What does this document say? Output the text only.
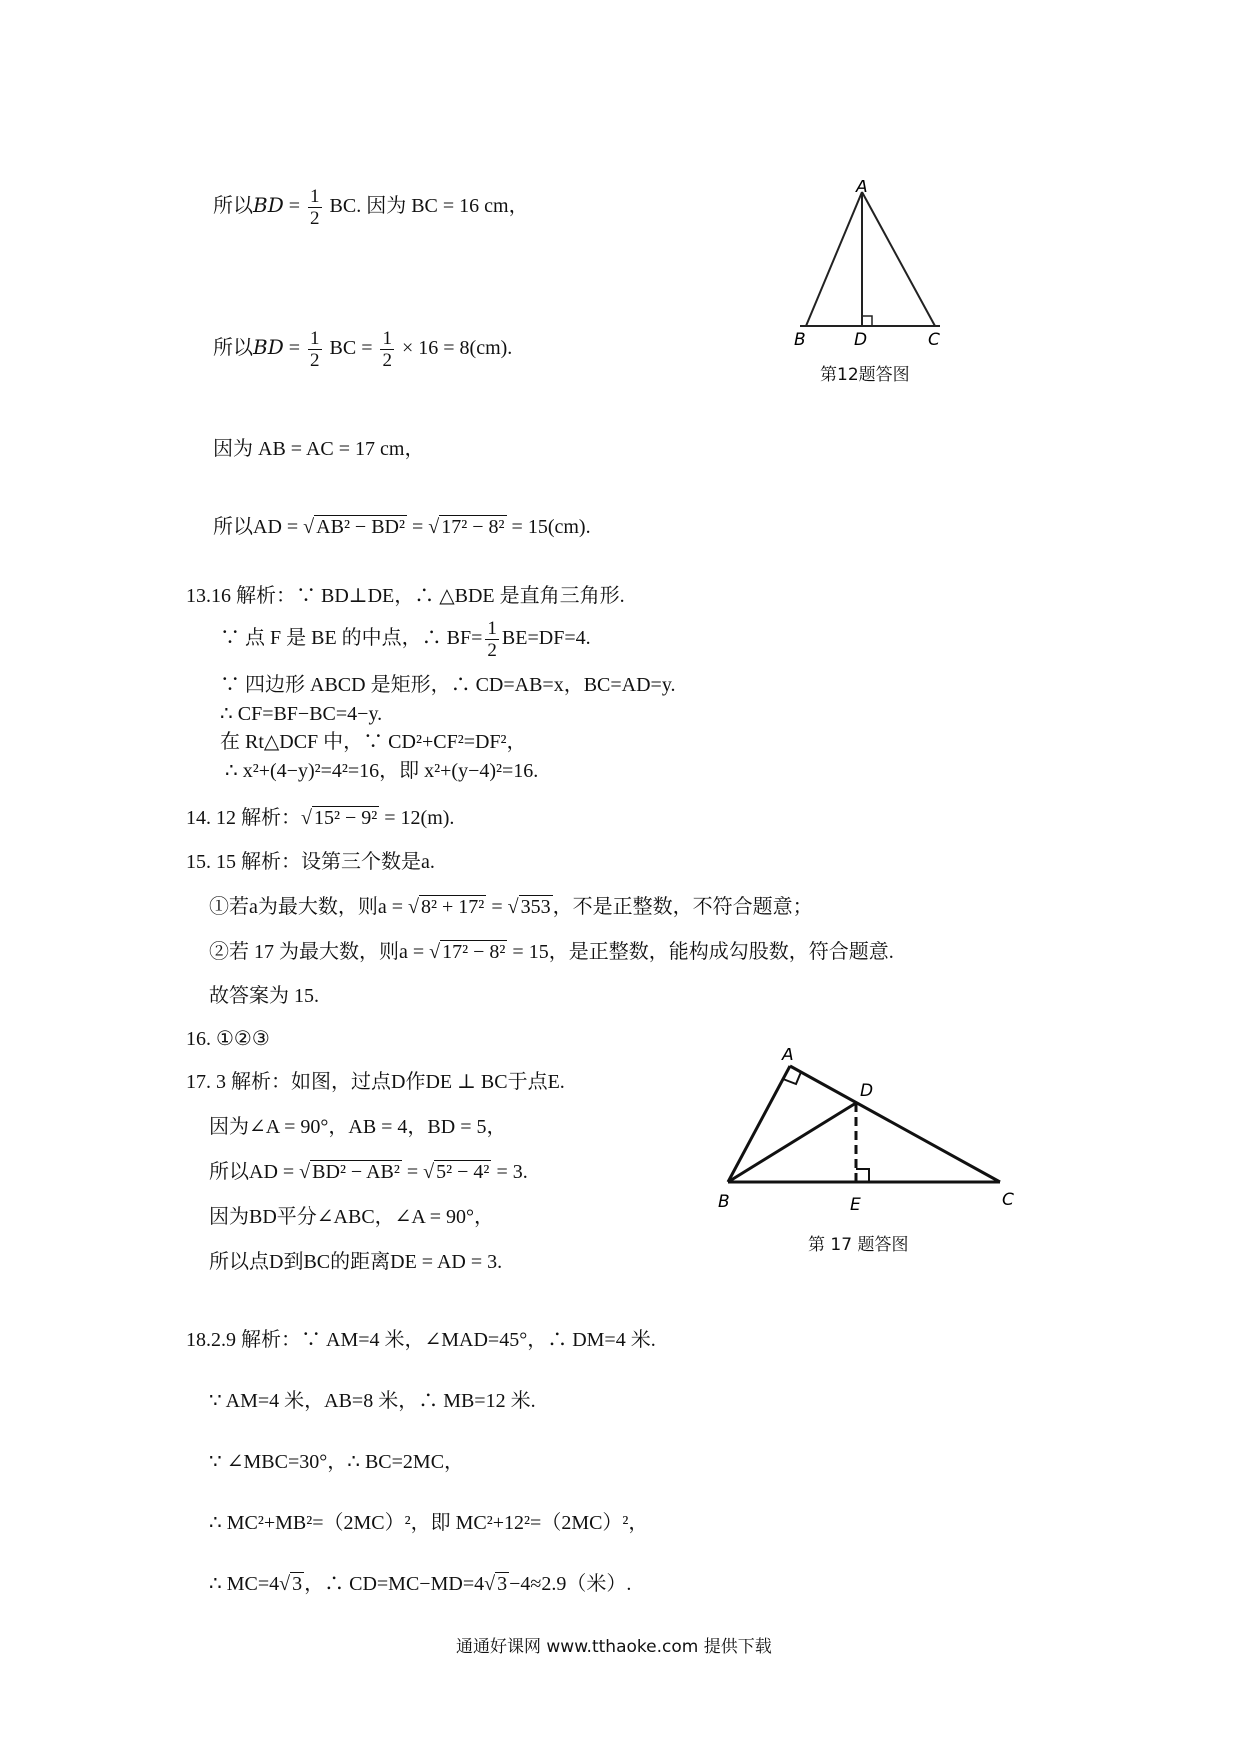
所以BD = $\frac{1}{2}$ BC. 因为 BC = 16 cm，
所以BD = $\frac{1}{2}$ BC = $\frac{1}{2} \times 16 = 8(cm)$.
因为 AB = AC = 17 cm，
所以AD = √ AB² − BD² = √ 17² − 8² = 15(cm).
A
B	D	C
第12题答图
13.16 解析：∵ BD⊥DE，∴ △BDE 是直角三角形.
∵ 点 F 是 BE 的中点，∴ $BF= \frac{1}{2} BE=DF=4$.
∵ 四边形 ABCD 是矩形，∴ CD=AB=x，BC=AD=y.
∴ CF=BF−BC=4−y.
在 Rt△DCF 中，∵ CD²+CF²=DF²，
∴ x²+(4−y)²=4²=16，即 x²+(y−4)²=16.
14. 12 解析：√ 15² − 9² = 12(m).
15. 15 解析：设第三个数是a.
①若a为最大数，则a = √ 8² + 17² = √ 353 ，不是正整数，不符合题意；
②若 17 为最大数，则a = √ 17² − 8² = 15，是正整数，能构成勾股数，符合题意.
故答案为 15.
16. ①②③
17. 3 解析：如图，过点D作DE ⊥ BC于点E.
因为∠A = 90°，AB = 4，BD = 5，
所以AD = √ BD² − AB² = √ 5² − 4² = 3.
因为BD平分∠ABC，∠A = 90°，
所以点D到BC的距离DE = AD = 3.
A
D
B	E	C
第 17 题答图
18.2.9 解析：∵ AM=4 米，∠MAD=45°，∴ DM=4 米.
∵ AM=4 米，AB=8 米，∴ MB=12 米.
∵ ∠MBC=30°，∴ BC=2MC，
∴ MC²+MB²=（2MC）²，即 MC²+12²=（2MC）²，
∴ MC=4√ 3 ，∴ CD=MC−MD=4√ 3 −4≈2.9（米）.
通通好课网 www.tthaoke.com 提供下载
